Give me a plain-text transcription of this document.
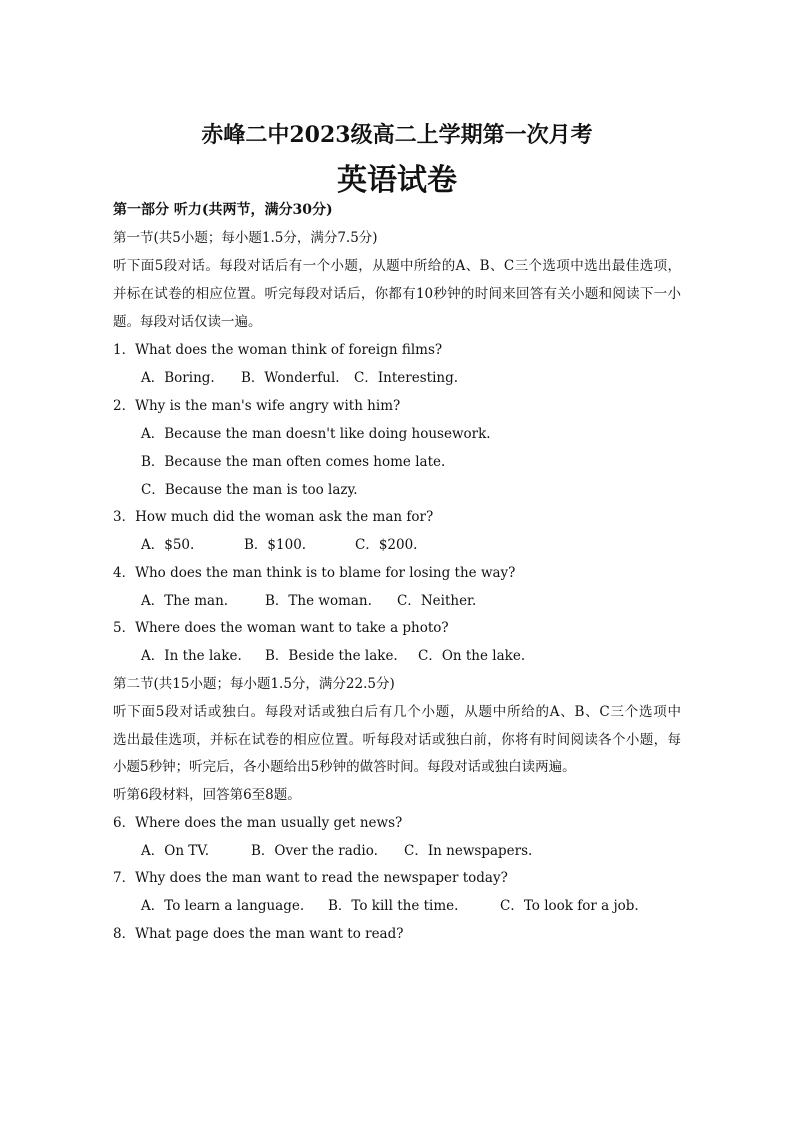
赤峰二中2023级高二上学期第一次月考
英语试卷
第一部分 听力(共两节，满分30分)
第一节(共5小题；每小题1.5分，满分7.5分)
听下面5段对话。每段对话后有一个小题，从题中所给的A、B、C三个选项中选出最佳选项，
并标在试卷的相应位置。听完每段对话后，你都有10秒钟的时间来回答有关小题和阅读下一小
题。每段对话仅读一遍。
1．What does the woman think of foreign films?
A．Boring. B．Wonderful. C．Interesting.
2．Why is the man's wife angry with him?
A．Because the man doesn't like doing housework.
B．Because the man often comes home late.
C．Because the man is too lazy.
3．How much did the woman ask the man for?
A．$50.	B．$100.	C．$200.
4．Who does the man think is to blame for losing the way?
A．The man.	B．The woman. C．Neither.
5．Where does the woman want to take a photo?
A．In the lake. B．Beside the lake. C．On the lake.
第二节(共15小题；每小题1.5分，满分22.5分)
听下面5段对话或独白。每段对话或独白后有几个小题，从题中所给的A、B、C三个选项中
选出最佳选项，并标在试卷的相应位置。听每段对话或独白前，你将有时间阅读各个小题，每
小题5秒钟；听完后，各小题给出5秒钟的做答时间。每段对话或独白读两遍。
听第6段材料，回答第6至8题。
6．Where does the man usually get news?
A．On TV.	B．Over the radio. C．In newspapers.
7．Why does the man want to read the newspaper today?
A．To learn a language. B．To kill the time.	C．To look for a job.
8．What page does the man want to read?
